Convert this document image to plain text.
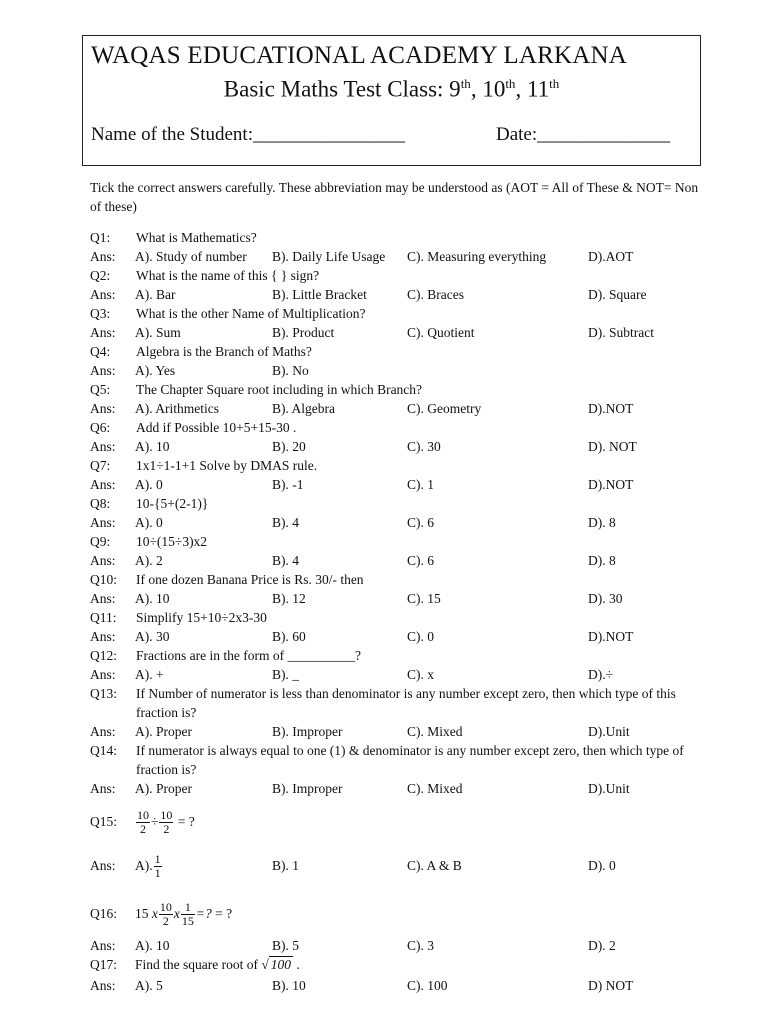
WAQAS EDUCATIONAL ACADEMY LARKANA
Basic Maths Test Class: 9th, 10th, 11th
Name of the Student:________________	Date:______________
Tick the correct answers carefully. These abbreviation may be understood as (AOT = All of These & NOT= Non of these)
Q1: What is Mathematics?
Ans: A). Study of number B). Daily Life Usage C). Measuring everything	D).AOT
Q2: What is the name of this { } sign?
Ans: A). Bar	B). Little Bracket	C). Braces	D). Square
Q3: What is the other Name of Multiplication?
Ans: A). Sum	B). Product	C). Quotient	D). Subtract
Q4: Algebra is the Branch of Maths?
Ans: A). Yes	B). No
Q5: The Chapter Square root including in which Branch?
Ans: A). Arithmetics	B). Algebra	C). Geometry	D).NOT
Q6: Add if Possible 10+5+15-30 .
Ans: A). 10	B). 20	C). 30	D). NOT
Q7: 1x1÷1-1+1 Solve by DMAS rule.
Ans: A). 0	B). -1	C). 1	D).NOT
Q8: 10-{5+(2-1)}
Ans: A). 0	B). 4	C). 6	D). 8
Q9: 10÷(15÷3)x2
Ans: A). 2	B). 4	C). 6	D). 8
Q10: If one dozen Banana Price is Rs. 30/- then
Ans: A). 10	B). 12	C). 15	D). 30
Q11: Simplify 15+10÷2x3-30
Ans: A). 30	B). 60	C). 0	D).NOT
Q12: Fractions are in the form of __________?
Ans: A). +	B). _	C). x	D).÷
Q13: If Number of numerator is less than denominator is any number except zero, then which type of this fraction is?
Ans: A). Proper	B). Improper	C). Mixed	D).Unit
Q14: If numerator is always equal to one (1) & denominator is any number except zero, then which type of fraction is?
Ans: A). Proper	B). Improper	C). Mixed	D).Unit
Q15: $\frac{10}{2} \div \frac{10}{2}$ = ?
Ans: A). $\frac{1}{1}$	B). 1	C). A & B	D). 0
Q16: 15 x $\frac{10}{2}$ x $\frac{1}{15}$ =? = ?
Ans: A). 10	B). 5	C). 3	D). 2
Q17: Find the square root of √ 100 .
Ans: A). 5	B). 10	C). 100	D) NOT
